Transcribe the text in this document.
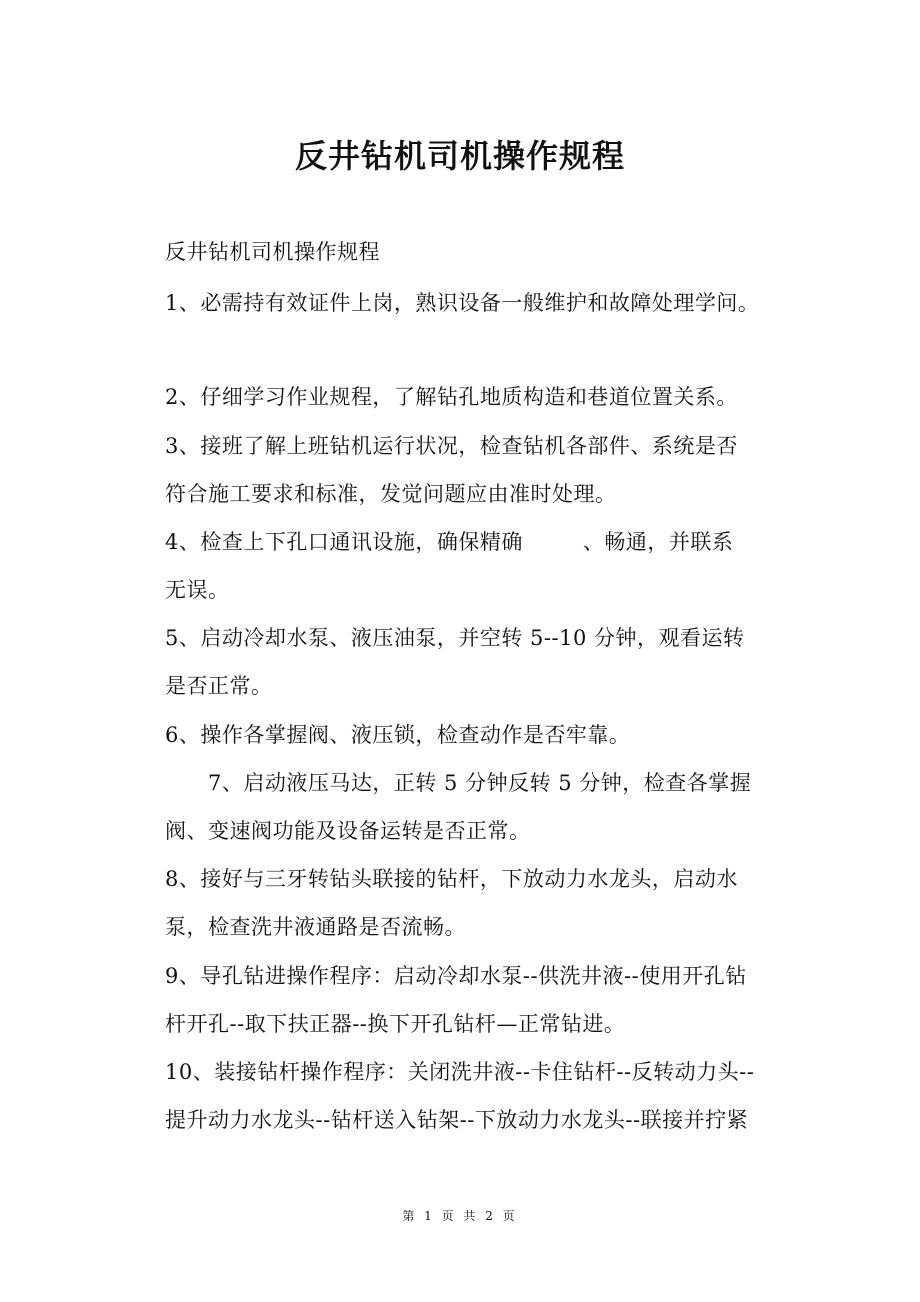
反井钻机司机操作规程
反井钻机司机操作规程
1、必需持有效证件上岗，熟识设备一般维护和故障处理学问。
2、仔细学习作业规程，了解钻孔地质构造和巷道位置关系。
3、接班了解上班钻机运行状况，检查钻机各部件、系统是否
符合施工要求和标准，发觉问题应由准时处理。
4、检查上下孔口通讯设施，确保精确	、畅通，并联系
无误。
5、启动冷却水泵、液压油泵，并空转 5--10 分钟，观看运转
是否正常。
6、操作各掌握阀、液压锁，检查动作是否牢靠。
7、启动液压马达，正转 5 分钟反转 5 分钟，检查各掌握
阀、变速阀功能及设备运转是否正常。
8、接好与三牙转钻头联接的钻杆，下放动力水龙头，启动水
泵，检查洗井液通路是否流畅。
9、导孔钻进操作程序：启动冷却水泵--供洗井液--使用开孔钻
杆开孔--取下扶正器--换下开孔钻杆—正常钻进。
10、装接钻杆操作程序：关闭洗井液--卡住钻杆--反转动力头--
提升动力水龙头--钻杆送入钻架--下放动力水龙头--联接并拧紧
第 1 页 共 2 页
